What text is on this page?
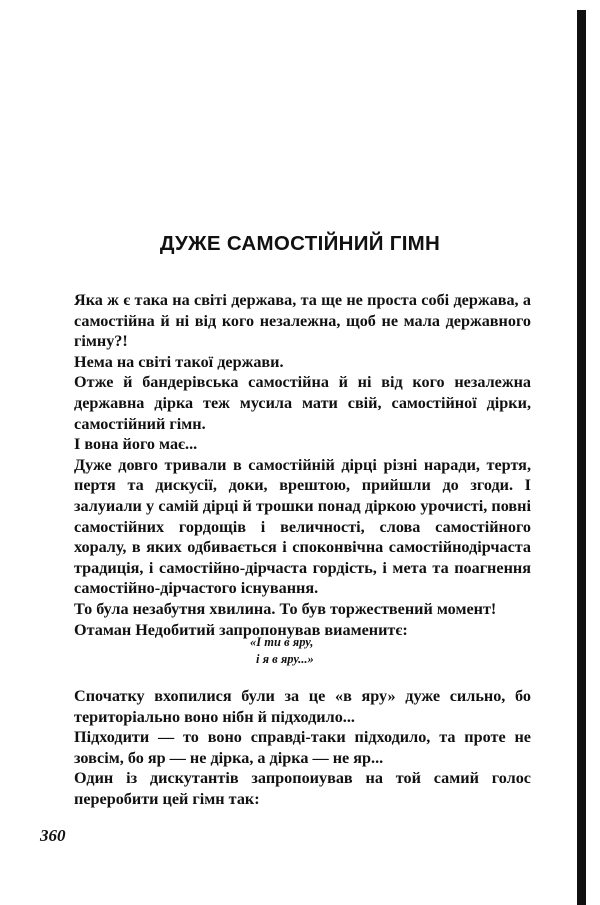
ДУЖЕ САМОСТІЙНИЙ ГІМН

Яка ж є така на світі держава, та ще не проста собі держава, а самостійна й ні від кого незалежна, щоб не мала державного гімну?!

Нема на світі такої держави.

Отже й бандерівська самостійна й ні від кого незалежна державна дірка теж мусила мати свій, самостійної дірки, самостійний гімн.

І вона його має...

Дуже довго тривали в самостійній дірці різні наради, тертя, пертя та дискусії, доки, врештою, прийшли до згоди. І залуиали у самій дірці й трошки понад діркою урочисті, повні самостійних гордощів і величності, слова самостійного хоралу, в яких одбивається і споконвічна самостійнодірчаста традиція, і самостійно-дірчаста гордість, і мета та поагнення самостійно-дірчастого існування.

То була незабутня хвилина. То був торжествений момент!

Отаман Недобитий запропонував виаменитє:

«І ти в яру,
і я в яру...»

Спочатку вхопилися були за це «в яру» дуже сильно, бо територіально воно нібн й підходило...

Підходити — то воно справді-таки підходило, та проте не зовсім, бо яр — не дірка, а дірка — не яр...

Один із дискутантів запропоиував на той самий голос переробити цей гімн так:

360
